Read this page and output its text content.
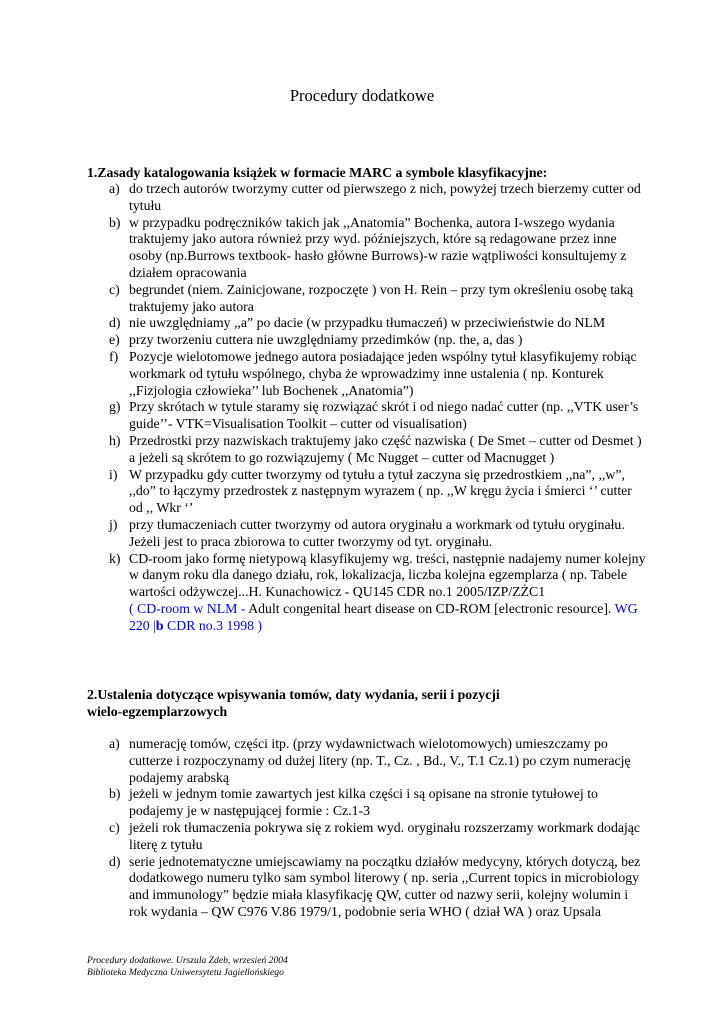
Procedury dodatkowe
1.Zasady katalogowania książek w formacie MARC a symbole klasyfikacyjne:
a) do trzech autorów tworzymy cutter od pierwszego z nich, powyżej trzech bierzemy cutter od tytułu
b) w przypadku podręczników takich jak ,,Anatomia” Bochenka, autora I-wszego wydania traktujemy jako autora również przy wyd. późniejszych, które są redagowane przez inne osoby (np.Burrows textbook- hasło główne Burrows)-w razie wątpliwości konsultujemy z działem opracowania
c) begrundet (niem. Zainicjowane, rozpoczęte ) von H. Rein – przy tym określeniu osobę taką traktujemy jako autora
d) nie uwzględniamy ,,a” po dacie (w przypadku tłumaczeń) w przeciwieństwie do NLM
e) przy tworzeniu cuttera nie uwzględniamy przedimków (np. the, a, das )
f) Pozycje wielotomowe jednego autora posiadające jeden wspólny tytuł klasyfikujemy robiąc workmark od tytułu wspólnego, chyba że wprowadzimy inne ustalenia ( np. Konturek ,,Fizjologia człowieka’’ lub Bochenek ,,Anatomia”)
g) Przy skrótach w tytule staramy się rozwiązać skrót i od niego nadać cutter (np. ,,VTK user’s guide’’- VTK=Visualisation Toolkit – cutter od visualisation)
h) Przedrostki przy nazwiskach traktujemy jako część nazwiska ( De Smet – cutter od Desmet ) a jeżeli są skrótem to go rozwiązujemy ( Mc Nugget – cutter od Macnugget )
i) W przypadku gdy cutter tworzymy od tytułu a tytuł zaczyna się przedrostkiem ,,na”, ,,w”, ,,do” to łączymy przedrostek z następnym wyrazem ( np. ,,W kręgu życia i śmierci ‘’ cutter od ,, Wkr ‘’
j) przy tłumaczeniach cutter tworzymy od autora oryginału a workmark od tytułu oryginału. Jeżeli jest to praca zbiorowa to cutter tworzymy od tyt. oryginału.
k) CD-room jako formę nietypową klasyfikujemy wg. treści, następnie nadajemy numer kolejny w danym roku dla danego działu, rok, lokalizacja, liczba kolejna egzemplarza ( np. Tabele wartości odżywczej...H. Kunachowicz - QU145 CDR no.1 2005/IZP/ZŻC1
( CD-room w NLM - Adult congenital heart disease on CD-ROM [electronic resource]. WG 220 |b CDR no.3 1998 )
2.Ustalenia dotyczące wpisywania tomów, daty wydania, serii i pozycji
wielo-egzemplarzowych
a) numerację tomów, części itp. (przy wydawnictwach wielotomowych) umieszczamy po cutterze i rozpoczynamy od dużej litery (np. T., Cz. , Bd., V., T.1 Cz.1) po czym numerację podajemy arabską
b) jeżeli w jednym tomie zawartych jest kilka części i są opisane na stronie tytułowej to podajemy je w następującej formie : Cz.1-3
c) jeżeli rok tłumaczenia pokrywa się z rokiem wyd. oryginału rozszerzamy workmark dodając literę z tytułu
d) serie jednotematyczne umiejscawiamy na początku działów medycyny, których dotyczą, bez dodatkowego numeru tylko sam symbol literowy ( np. seria ,,Current topics in microbiology and immunology” będzie miała klasyfikację QW, cutter od nazwy serii, kolejny wolumin i rok wydania – QW C976 V.86 1979/1, podobnie seria WHO ( dział WA ) oraz Upsala
Procedury dodatkowe. Urszula Zdeb, wrzesień 2004
Biblioteka Medyczna Uniwersytetu Jagiellońskiego
